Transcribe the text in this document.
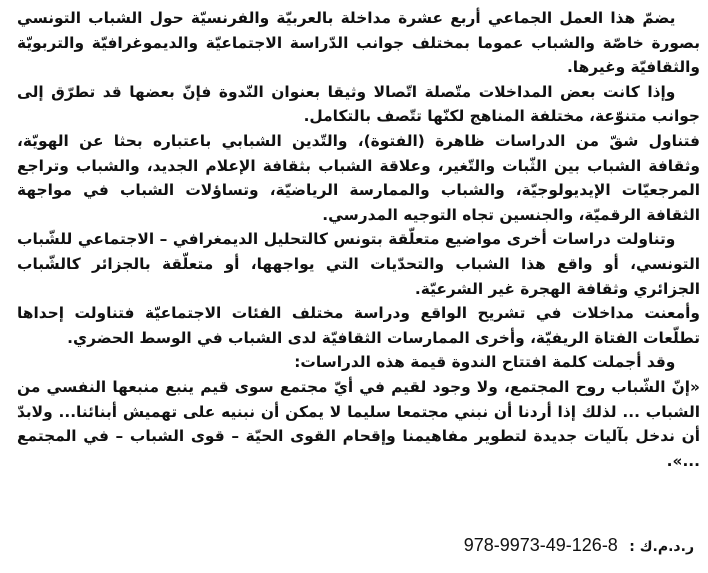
يضمّ هذا العمل الجماعي أربع عشرة مداخلة بالعربيّة والفرنسيّة حول الشباب التونسي بصورة خاصّة والشباب عموما بمختلف جوانب الدّراسة الاجتماعيّة والديموغرافيّة والتربويّة والثقافيّة وغيرها.

وإذا كانت بعض المداخلات متّصلة اتّصالا وثيقا بعنوان النّدوة فإنّ بعضها قد تطرّق إلى جوانب متنوّعة، مختلفة المناهج لكنّها تتّصف بالتكامل.

فتناول شقّ من الدراسات ظاهرة (الفتوة)، والتّدين الشبابي باعتباره بحثا عن الهويّة، وثقافة الشباب بين الثّبات والتّغير، وعلاقة الشباب بثقافة الإعلام الجديد، والشباب وتراجع المرجعيّات الإيديولوجيّة، والشباب والممارسة الرياضيّة، وتساؤلات الشباب في مواجهة الثقافة الرقميّة، والجنسين تجاه التوجيه المدرسي.

وتناولت دراسات أخرى مواضيع متعلّقة بتونس كالتحليل الديمغرافي – الاجتماعي للشّباب التونسي، أو واقع هذا الشباب والتحدّيات التي يواجهها، أو متعلّقة بالجزائر كالشّباب الجزائري وثقافة الهجرة غير الشرعيّة.

وأمعنت مداخلات في تشريح الواقع ودراسة مختلف الفئات الاجتماعيّة فتناولت إحداها تطلّعات الفتاة الريفيّة، وأخرى الممارسات الثقافيّة لدى الشباب في الوسط الحضري.

وقد أجملت كلمة افتتاح الندوة قيمة هذه الدراسات:

«إنّ الشّباب روح المجتمع، ولا وجود لقيم في أيّ مجتمع سوى قيم ينبع منبعها النفسي من الشباب ... لذلك إذا أردنا أن نبني مجتمعا سليما لا يمكن أن نبنيه على تهميش أبنائنا... ولابدّ أن ندخل بآليات جديدة لتطوير مفاهيمنا وإقحام القوى الحيّة – قوى الشباب – في المجتمع ...».

978-9973-49-126-8 ر.د.م.ك :
